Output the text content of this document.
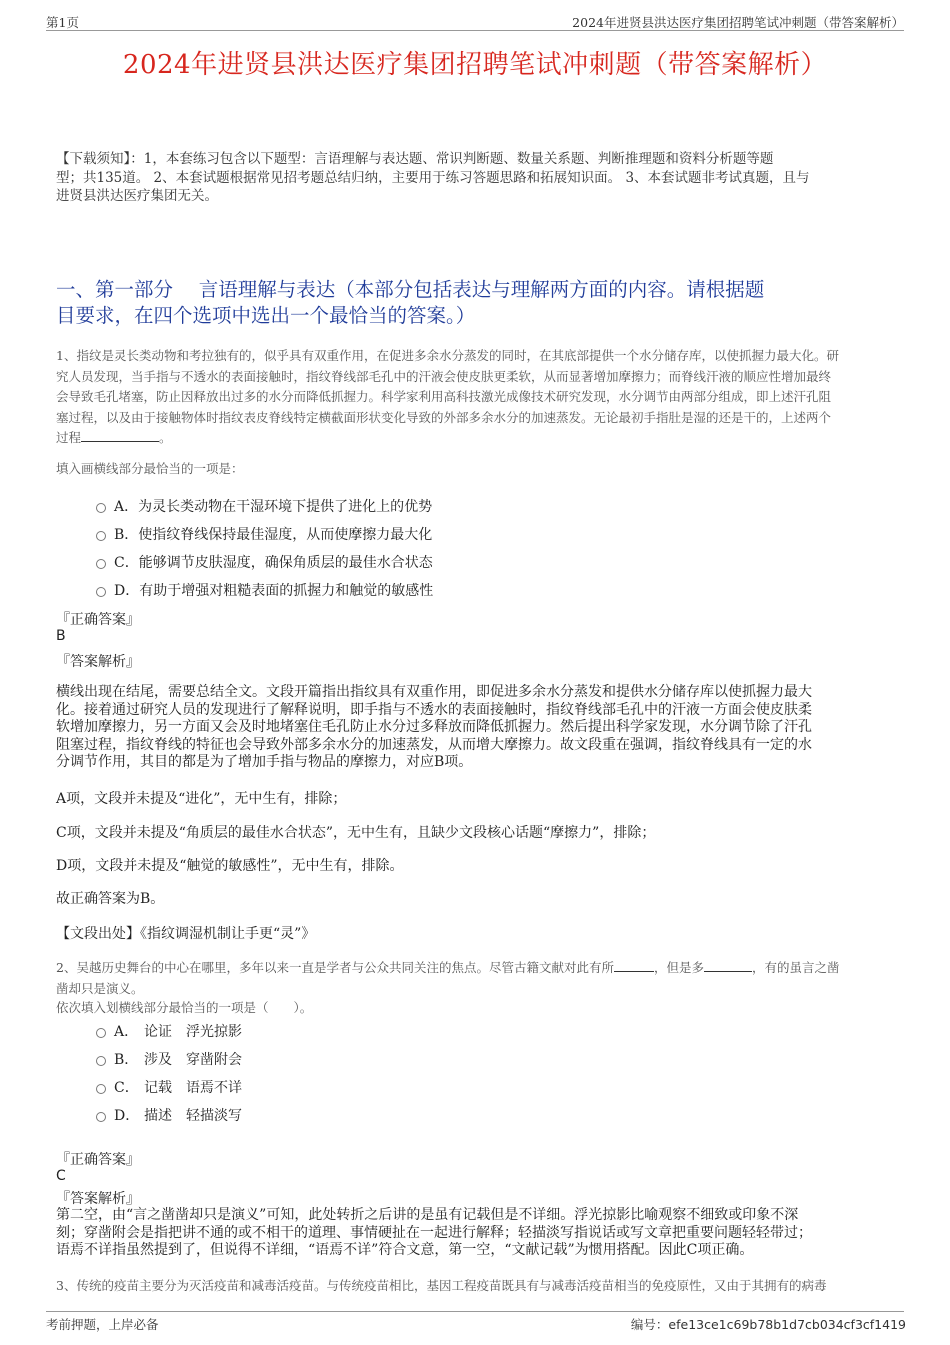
第1页	2024年进贤县洪达医疗集团招聘笔试冲刺题（带答案解析）
2024年进贤县洪达医疗集团招聘笔试冲刺题（带答案解析）
【下载须知】：1，本套练习包含以下题型：言语理解与表达题、常识判断题、数量关系题、判断推理题和资料分析题等题
型；共135道。 2、本套试题根据常见招考题总结归纳，主要用于练习答题思路和拓展知识面。 3、本套试题非考试真题，且与
进贤县洪达医疗集团无关。
一、第一部分　 言语理解与表达（本部分包括表达与理解两方面的内容。请根据题
目要求，在四个选项中选出一个最恰当的答案。）
1、指纹是灵长类动物和考拉独有的，似乎具有双重作用，在促进多余水分蒸发的同时，在其底部提供一个水分储存库，以使抓握力最大化。研
究人员发现，当手指与不透水的表面接触时，指纹脊线部毛孔中的汗液会使皮肤更柔软，从而显著增加摩擦力；而脊线汗液的顺应性增加最终
会导致毛孔堵塞，防止因释放出过多的水分而降低抓握力。科学家利用高科技激光成像技术研究发现，水分调节由两部分组成，即上述汗孔阻
塞过程，以及由于接触物体时指纹表皮脊线特定横截面形状变化导致的外部多余水分的加速蒸发。无论最初手指肚是湿的还是干的，上述两个
过程	。
填入画横线部分最恰当的一项是：
A．为灵长类动物在干湿环境下提供了进化上的优势
B．使指纹脊线保持最佳湿度，从而使摩擦力最大化
C．能够调节皮肤湿度，确保角质层的最佳水合状态
D．有助于增强对粗糙表面的抓握力和触觉的敏感性
『正确答案』
B
『答案解析』
横线出现在结尾，需要总结全文。文段开篇指出指纹具有双重作用，即促进多余水分蒸发和提供水分储存库以使抓握力最大
化。接着通过研究人员的发现进行了解释说明，即手指与不透水的表面接触时，指纹脊线部毛孔中的汗液一方面会使皮肤柔
软增加摩擦力，另一方面又会及时地堵塞住毛孔防止水分过多释放而降低抓握力。然后提出科学家发现，水分调节除了汗孔
阻塞过程，指纹脊线的特征也会导致外部多余水分的加速蒸发，从而增大摩擦力。故文段重在强调，指纹脊线具有一定的水
分调节作用，其目的都是为了增加手指与物品的摩擦力，对应B项。
A项，文段并未提及“进化”，无中生有，排除；
C项，文段并未提及“角质层的最佳水合状态”，无中生有，且缺少文段核心话题“摩擦力”，排除；
D项，文段并未提及“触觉的敏感性”，无中生有，排除。
故正确答案为B。
【文段出处】《指纹调湿机制让手更“灵”》
2、吴越历史舞台的中心在哪里，多年以来一直是学者与公众共同关注的焦点。尽管古籍文献对此有所	，但是多	，有的虽言之凿
凿却只是演义。
依次填入划横线部分最恰当的一项是（　　）。
A． 论证　浮光掠影
B． 涉及　穿凿附会
C． 记载　语焉不详
D． 描述　轻描淡写
『正确答案』
C
『答案解析』
第二空，由“言之凿凿却只是演义”可知，此处转折之后讲的是虽有记载但是不详细。浮光掠影比喻观察不细致或印象不深
刻；穿凿附会是指把讲不通的或不相干的道理、事情硬扯在一起进行解释；轻描淡写指说话或写文章把重要问题轻轻带过；
语焉不详指虽然提到了，但说得不详细，“语焉不详”符合文意，第一空，“文献记载”为惯用搭配。因此C项正确。
3、传统的疫苗主要分为灭活疫苗和减毒活疫苗。与传统疫苗相比，基因工程疫苗既具有与减毒活疫苗相当的免疫原性，又由于其拥有的病毒
考前押题，上岸必备	编号：efe13ce1c69b78b1d7cb034cf3cf1419
